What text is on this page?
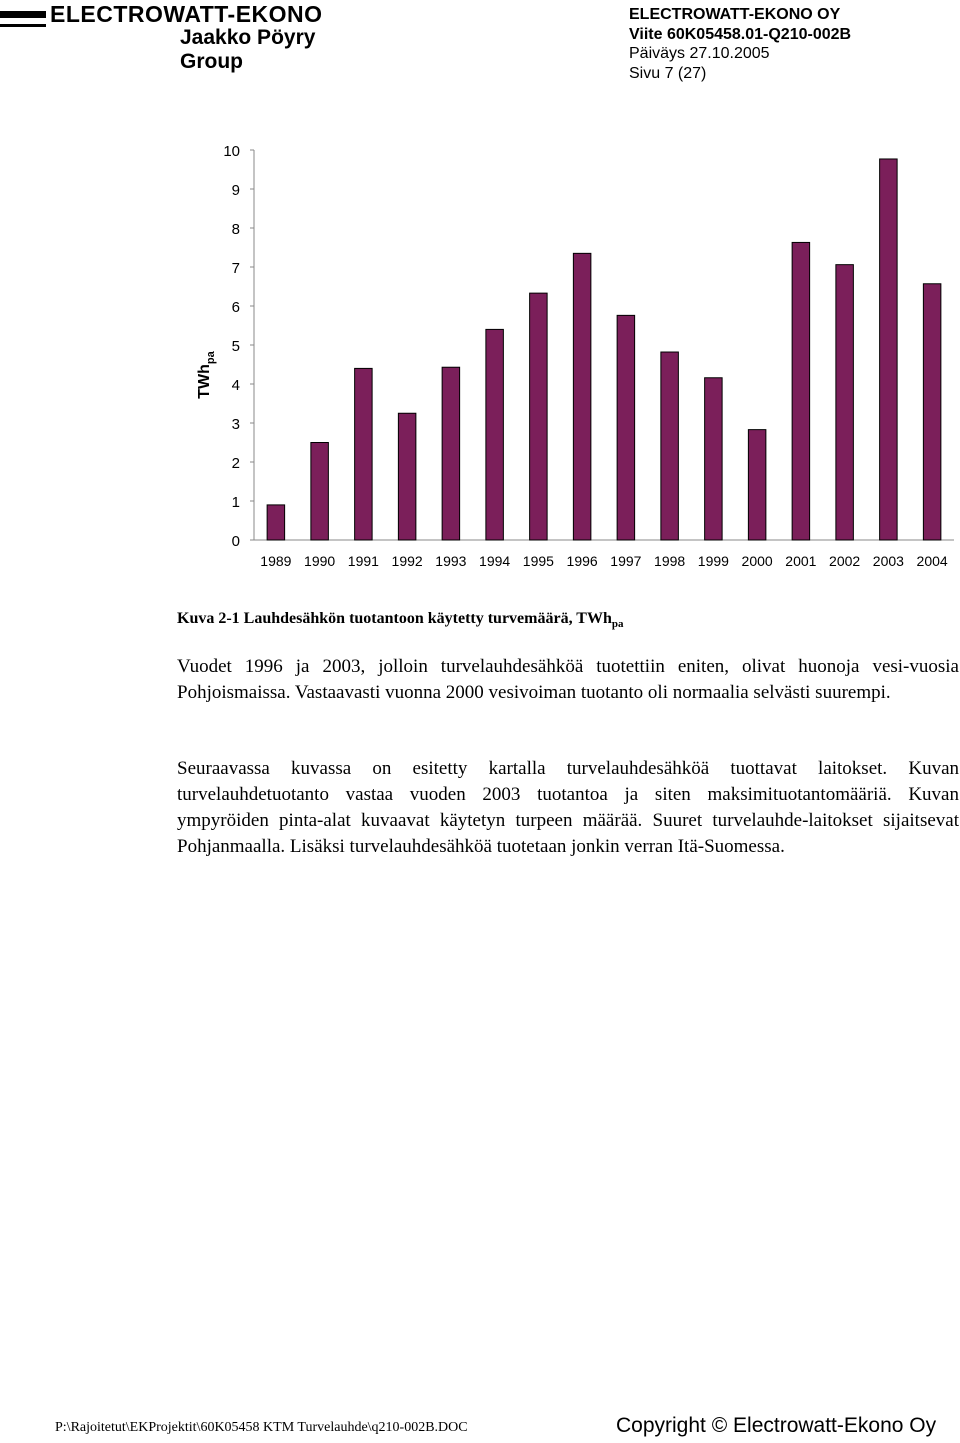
ELECTROWATT-EKONO
Jaakko Pöyry Group
ELECTROWATT-EKONO OY
Viite 60K05458.01-Q210-002B
Päiväys 27.10.2005
Sivu 7 (27)
0
1
2
3
4
5
6
7
8
9
10
1989 1990 1991 1992 1993 1994 1995 1996 1997 1998 1999 2000 2001 2002 2003 2004
TWh$_{pa}$
Kuva 2-1 Lauhdesähkön tuotantoon käytetty turvemäärä, TWh$_{pa}$

Vuodet 1996 ja 2003, jolloin turvelauhdesähköä tuotettiin eniten, olivat huonoja vesi-vuosia Pohjoismaissa. Vastaavasti vuonna 2000 vesivoiman tuotanto oli normaalia selvästi suurempi.

Seuraavassa kuvassa on esitetty kartalla turvelauhdesähköä tuottavat laitokset. Kuvan turvelauhdetuotanto vastaa vuoden 2003 tuotantoa ja siten maksimituotantomääriä. Kuvan ympyröiden pinta-alat kuvaavat käytetyn turpeen määrää. Suuret turvelauhde-laitokset sijaitsevat Pohjanmaalla. Lisäksi turvelauhdesähköä tuotetaan jonkin verran Itä-Suomessa.

P:\Rajoitetut\EKProjektit\60K05458 KTM Turvelauhde\q210-002B.DOC	Copyright © Electrowatt-Ekono Oy
